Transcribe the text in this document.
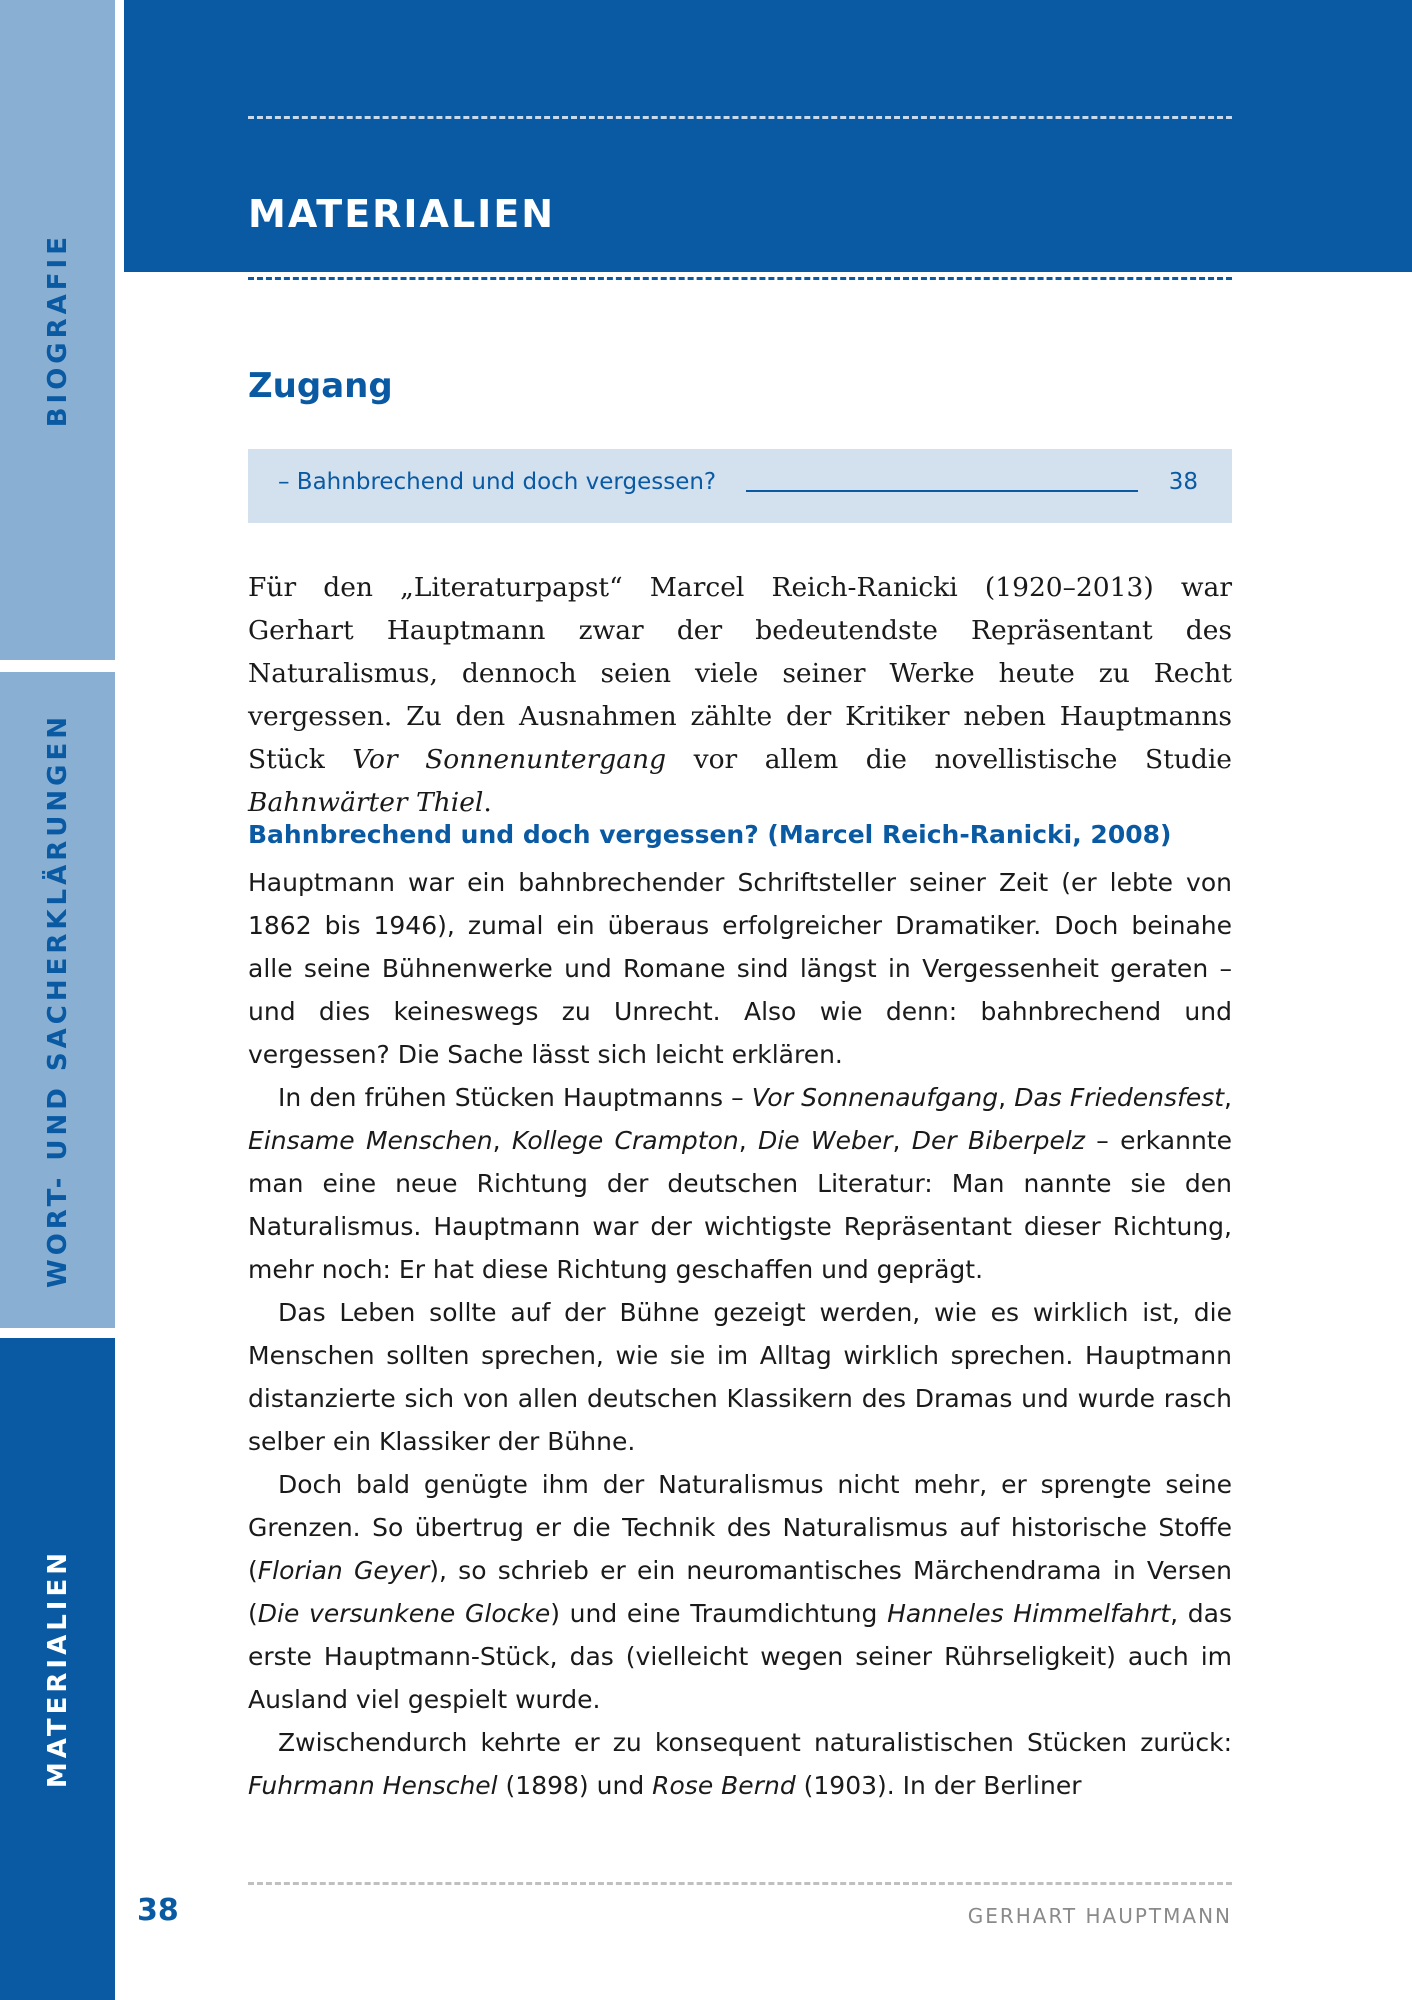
BIOGRAFIE
WORT- UND SACHERKLÄRUNGEN
MATERIALIEN
MATERIALIEN
Zugang
– Bahnbrechend und doch vergessen?	38

Für den „Literaturpapst“ Marcel Reich-Ranicki (1920–2013) war Gerhart Hauptmann zwar der bedeutendste Repräsentant des Naturalismus, dennoch seien viele seiner Werke heute zu Recht vergessen. Zu den Ausnahmen zählte der Kritiker neben Hauptmanns Stück Vor Sonnenuntergang vor allem die novellistische Studie Bahnwärter Thiel.

Bahnbrechend und doch vergessen? (Marcel Reich-Ranicki, 2008)

Hauptmann war ein bahnbrechender Schriftsteller seiner Zeit (er lebte von 1862 bis 1946), zumal ein überaus erfolgreicher Dramatiker. Doch beinahe alle seine Bühnenwerke und Romane sind längst in Vergessenheit geraten – und dies keineswegs zu Unrecht. Also wie denn: bahnbrechend und vergessen? Die Sache lässt sich leicht erklären.

In den frühen Stücken Hauptmanns – Vor Sonnenaufgang, Das Friedensfest, Einsame Menschen, Kollege Crampton, Die Weber, Der Biberpelz – erkannte man eine neue Richtung der deutschen Literatur: Man nannte sie den Naturalismus. Hauptmann war der wichtigste Repräsentant dieser Richtung, mehr noch: Er hat diese Richtung geschaffen und geprägt.

Das Leben sollte auf der Bühne gezeigt werden, wie es wirklich ist, die Menschen sollten sprechen, wie sie im Alltag wirklich sprechen. Hauptmann distanzierte sich von allen deutschen Klassikern des Dramas und wurde rasch selber ein Klassiker der Bühne.

Doch bald genügte ihm der Naturalismus nicht mehr, er sprengte seine Grenzen. So übertrug er die Technik des Naturalismus auf historische Stoffe (Florian Geyer), so schrieb er ein neuromantisches Märchendrama in Versen (Die versunkene Glocke) und eine Traumdichtung Hanneles Himmelfahrt, das erste Hauptmann-Stück, das (vielleicht wegen seiner Rührseligkeit) auch im Ausland viel gespielt wurde.

Zwischendurch kehrte er zu konsequent naturalistischen Stücken zurück: Fuhrmann Henschel (1898) und Rose Bernd (1903). In der Berliner

38	GERHART HAUPTMANN
